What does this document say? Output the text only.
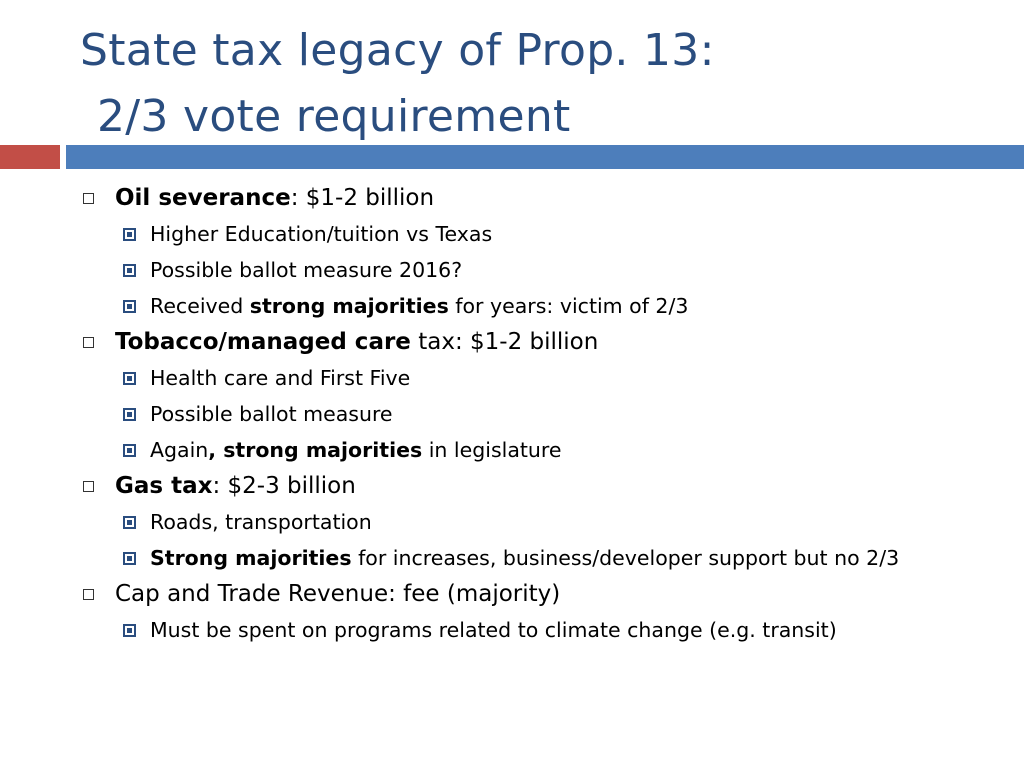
State tax legacy of Prop. 13:
2/3 vote requirement
Oil severance: $1-2 billion
Higher Education/tuition vs Texas
Possible ballot measure 2016?
Received strong majorities for years: victim of 2/3
Tobacco/managed care tax: $1-2 billion
Health care and First Five
Possible ballot measure
Again, strong majorities in legislature
Gas tax: $2-3 billion
Roads, transportation
Strong majorities for increases, business/developer support but no 2/3
Cap and Trade Revenue: fee (majority)
Must be spent on programs related to climate change (e.g. transit)
